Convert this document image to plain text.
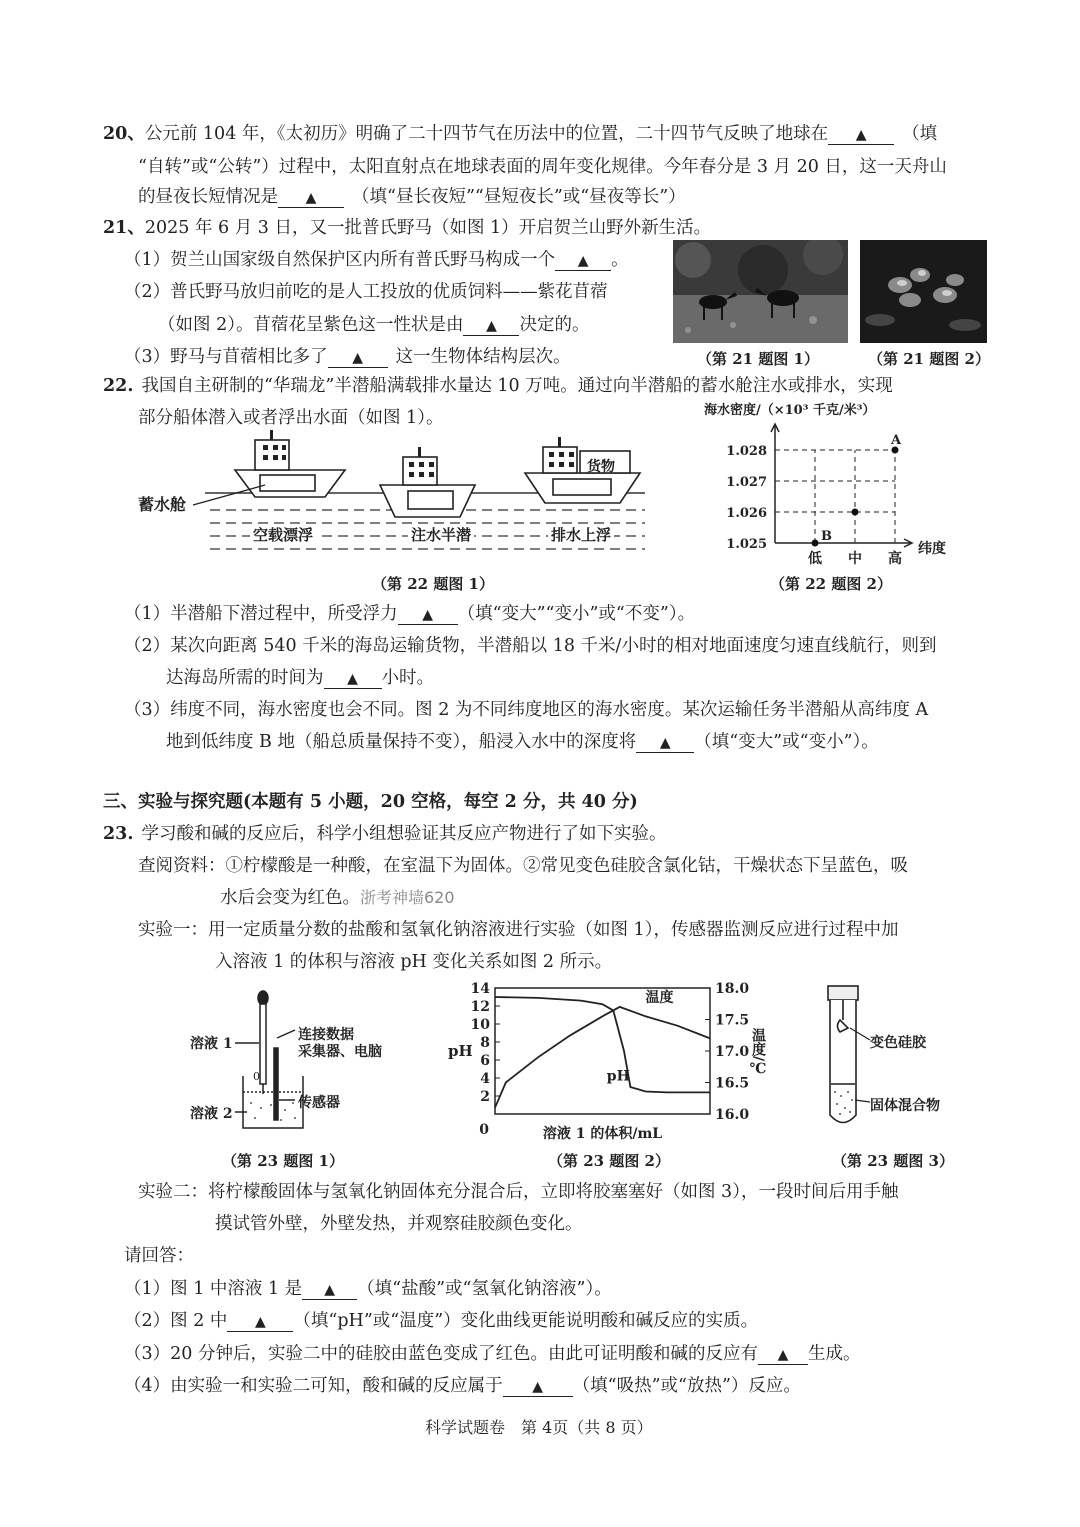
20、公元前 104 年，《太初历》明确了二十四节气在历法中的位置，二十四节气反映了地球在 ▲ （填
“自转”或“公转”）过程中，太阳直射点在地球表面的周年变化规律。今年春分是 3 月 20 日，这一天舟山
的昼夜长短情况是 ▲ （填“昼长夜短”“昼短夜长”或“昼夜等长”）
21、2025 年 6 月 3 日，又一批普氏野马（如图 1）开启贺兰山野外新生活。
（1）贺兰山国家级自然保护区内所有普氏野马构成一个 ▲ 。
（2）普氏野马放归前吃的是人工投放的优质饲料——紫花苜蓿
（如图 2）。苜蓿花呈紫色这一性状是由 ▲ 决定的。
（3）野马与苜蓿相比多了 ▲ 这一生物体结构层次。	（第 21 题图 1）	（第 21 题图 2）
22. 我国自主研制的“华瑞龙”半潜船满载排水量达 10 万吨。通过向半潜船的蓄水舱注水或排水，实现
部分船体潜入或者浮出水面（如图 1）。
蓄水舱
货物
空载漂浮	注水半潜	排水上浮
（第 22 题图 1）
海水密度/（×10³ 千克/米³）
1.025
1.026
1.027
1.028
低 中 高
纬度
B
A
（第 22 题图 2）
（1）半潜船下潜过程中，所受浮力 ▲ （填“变大”“变小”或“不变”）。
（2）某次向距离 540 千米的海岛运输货物，半潜船以 18 千米/小时的相对地面速度匀速直线航行，则到
达海岛所需的时间为 ▲ 小时。
（3）纬度不同，海水密度也会不同。图 2 为不同纬度地区的海水密度。某次运输任务半潜船从高纬度 A
地到低纬度 B 地（船总质量保持不变），船浸入水中的深度将 ▲ （填“变大”或“变小”）。
三、实验与探究题(本题有 5 小题，20 空格，每空 2 分，共 40 分)
23. 学习酸和碱的反应后，科学小组想验证其反应产物进行了如下实验。
查阅资料：①柠檬酸是一种酸，在室温下为固体。②常见变色硅胶含氯化钴，干燥状态下呈蓝色，吸
水后会变为红色。浙考神墙620
实验一：用一定质量分数的盐酸和氢氧化钠溶液进行实验（如图 1），传感器监测反应进行过程中加
入溶液 1 的体积与溶液 pH 变化关系如图 2 所示。
0
溶液 1
溶液 2
连接数据
采集器、电脑
传感器
（第 23 题图 1）
2
4
6
8
10
12
14
16.0
16.5
17.0
17.5
18.0
0	溶液 1 的体积/mL
pH	温度/℃
pH
温度
（第 23 题图 2）
变色硅胶
固体混合物
（第 23 题图 3）
实验二：将柠檬酸固体与氢氧化钠固体充分混合后，立即将胶塞塞好（如图 3），一段时间后用手触
摸试管外壁，外壁发热，并观察硅胶颜色变化。
请回答：
（1）图 1 中溶液 1 是 ▲ （填“盐酸”或“氢氧化钠溶液”）。
（2）图 2 中 ▲ （填“pH”或“温度”）变化曲线更能说明酸和碱反应的实质。
（3）20 分钟后，实验二中的硅胶由蓝色变成了红色。由此可证明酸和碱的反应有 ▲ 生成。
（4）由实验一和实验二可知，酸和碱的反应属于 ▲ （填“吸热”或“放热”）反应。
科学试题卷　第 4页（共 8 页）
